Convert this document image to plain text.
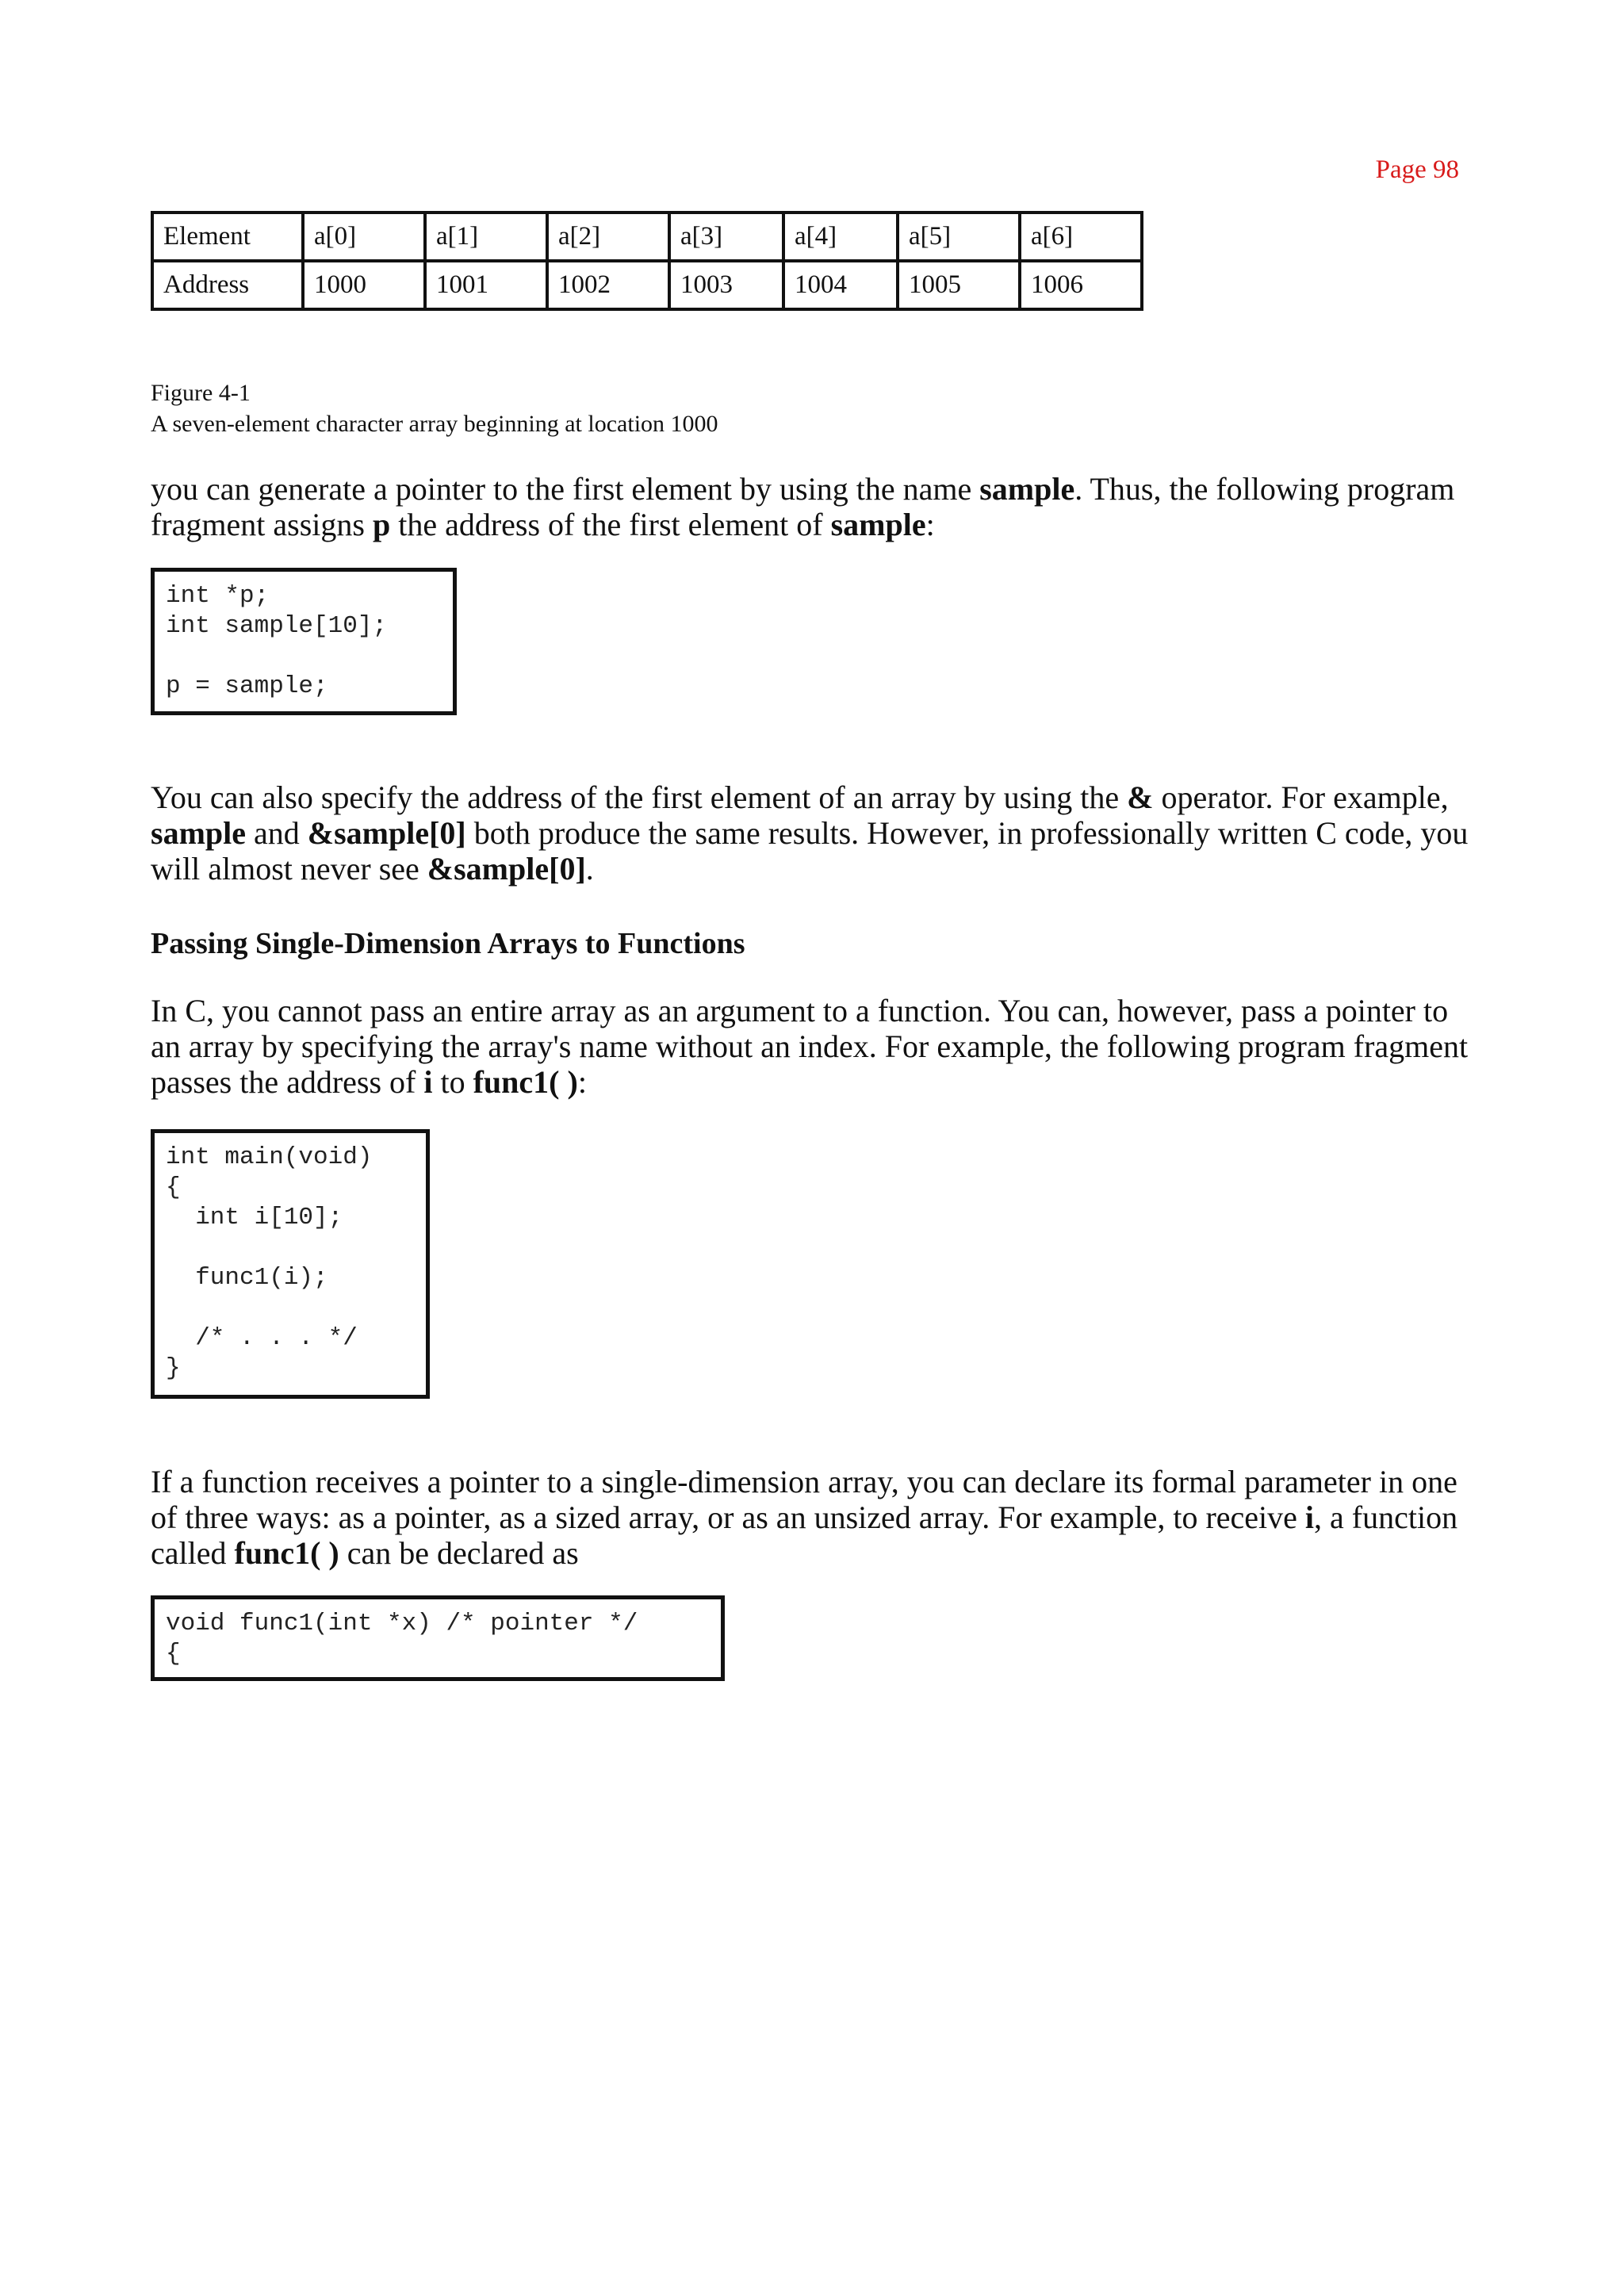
Page 98
Element	a[0]	a[1]	a[2]	a[3]	a[4]	a[5]	a[6]
Address	1000	1001	1002	1003	1004	1005	1006
Figure 4-1
A seven-element character array beginning at location 1000
you can generate a pointer to the first element by using the name sample. Thus, the following program fragment assigns p the address of the first element of sample:
int *p;
int sample[10];
p = sample;
You can also specify the address of the first element of an array by using the & operator. For example, sample and &sample[0] both produce the same results. However, in professionally written C code, you will almost never see &sample[0].
Passing Single-Dimension Arrays to Functions
In C, you cannot pass an entire array as an argument to a function. You can, however, pass a pointer to an array by specifying the array's name without an index. For example, the following program fragment passes the address of i to func1( ):
int main(void)
{
int i[10];
func1(i);
/* . . . */
}
If a function receives a pointer to a single-dimension array, you can declare its formal parameter in one of three ways: as a pointer, as a sized array, or as an unsized array. For example, to receive i, a function called func1( ) can be declared as
void func1(int *x) /* pointer */
{
